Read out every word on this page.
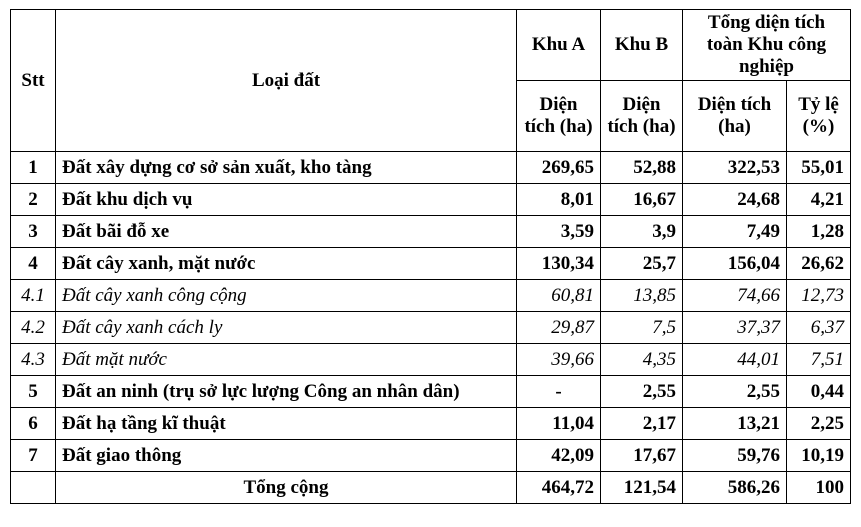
Stt	Loại đất	Khu A	Khu B	Tổng diện tích toàn Khu công nghiệp	
		Diện tích (ha)	Diện tích (ha)	Diện tích (ha)	Tỷ lệ (%)
1	Đất xây dựng cơ sở sản xuất, kho tàng	269,65	52,88	322,53	55,01
2	Đất khu dịch vụ	8,01	16,67	24,68	4,21
3	Đất bãi đỗ xe	3,59	3,9	7,49	1,28
4	Đất cây xanh, mặt nước	130,34	25,7	156,04	26,62
4.1	Đất cây xanh công cộng	60,81	13,85	74,66	12,73
4.2	Đất cây xanh cách ly	29,87	7,5	37,37	6,37
4.3	Đất mặt nước	39,66	4,35	44,01	7,51
5	Đất an ninh (trụ sở lực lượng Công an nhân dân)	-	2,55	2,55	0,44
6	Đất hạ tầng kĩ thuật	11,04	2,17	13,21	2,25
7	Đất giao thông	42,09	17,67	59,76	10,19
	Tổng cộng	464,72	121,54	586,26	100
